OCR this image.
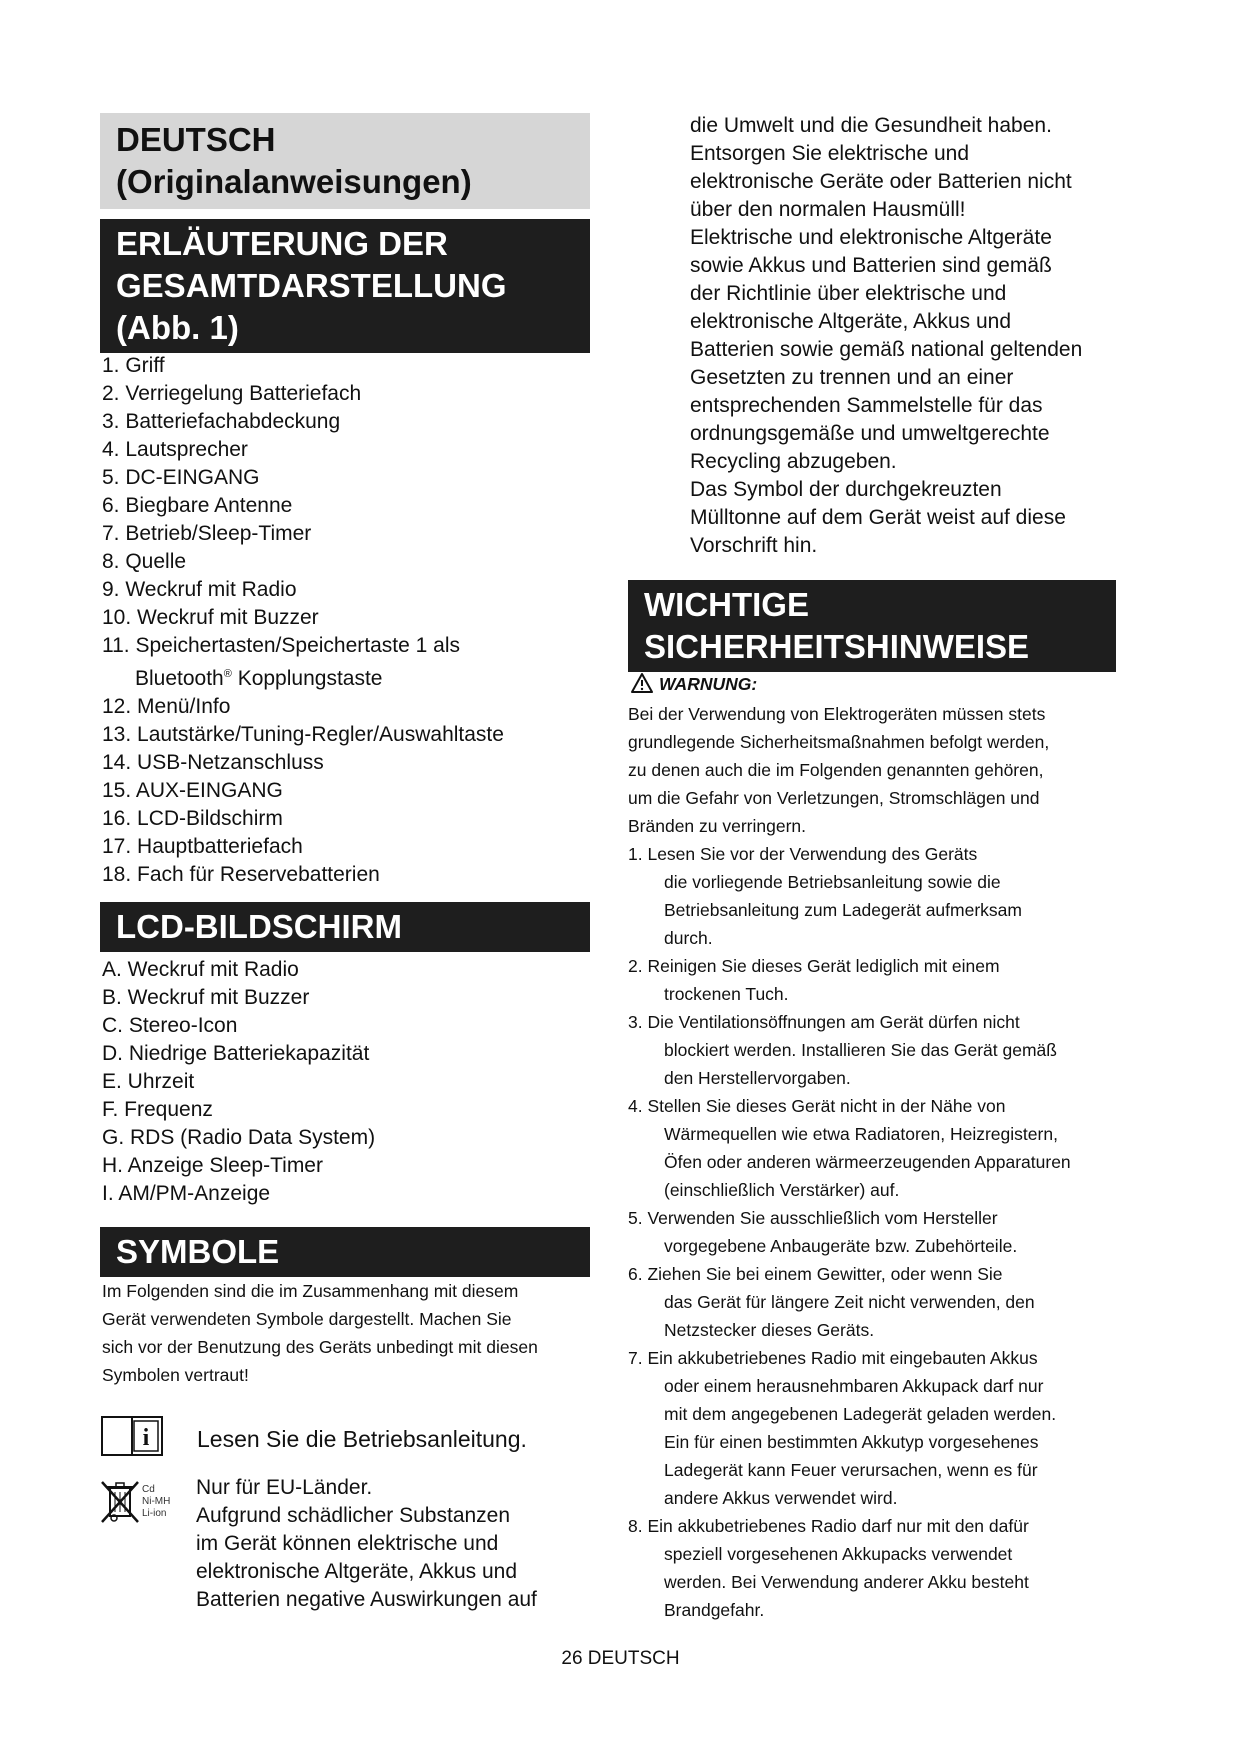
DEUTSCH
(Originalanweisungen)
ERLÄUTERUNG DER
GESAMTDARSTELLUNG
(Abb. 1)
1. Griff
2. Verriegelung Batteriefach
3. Batteriefachabdeckung
4. Lautsprecher
5. DC-EINGANG
6. Biegbare Antenne
7. Betrieb/Sleep-Timer
8. Quelle
9. Weckruf mit Radio
10. Weckruf mit Buzzer
11. Speichertasten/Speichertaste 1 als
Bluetooth® Kopplungstaste
12. Menü/Info
13. Lautstärke/Tuning-Regler/Auswahltaste
14. USB-Netzanschluss
15. AUX-EINGANG
16. LCD-Bildschirm
17. Hauptbatteriefach
18. Fach für Reservebatterien
LCD-BILDSCHIRM
A. Weckruf mit Radio
B. Weckruf mit Buzzer
C. Stereo-Icon
D. Niedrige Batteriekapazität
E. Uhrzeit
F. Frequenz
G. RDS (Radio Data System)
H. Anzeige Sleep-Timer
I. AM/PM-Anzeige
SYMBOLE
Im Folgenden sind die im Zusammenhang mit diesem
Gerät verwendeten Symbole dargestellt. Machen Sie
sich vor der Benutzung des Geräts unbedingt mit diesen
Symbolen vertraut!
i Lesen Sie die Betriebsanleitung.
Cd
Ni-MH
Li-ion
Nur für EU-Länder.
Aufgrund schädlicher Substanzen
im Gerät können elektrische und
elektronische Altgeräte, Akkus und
Batterien negative Auswirkungen auf
die Umwelt und die Gesundheit haben.
Entsorgen Sie elektrische und
elektronische Geräte oder Batterien nicht
über den normalen Hausmüll!
Elektrische und elektronische Altgeräte
sowie Akkus und Batterien sind gemäß
der Richtlinie über elektrische und
elektronische Altgeräte, Akkus und
Batterien sowie gemäß national geltenden
Gesetzten zu trennen und an einer
entsprechenden Sammelstelle für das
ordnungsgemäße und umweltgerechte
Recycling abzugeben.
Das Symbol der durchgekreuzten
Mülltonne auf dem Gerät weist auf diese
Vorschrift hin.
WICHTIGE
SICHERHEITSHINWEISE
WARNUNG:
Bei der Verwendung von Elektrogeräten müssen stets
grundlegende Sicherheitsmaßnahmen befolgt werden,
zu denen auch die im Folgenden genannten gehören,
um die Gefahr von Verletzungen, Stromschlägen und
Bränden zu verringern.
1. Lesen Sie vor der Verwendung des Geräts
die vorliegende Betriebsanleitung sowie die
Betriebsanleitung zum Ladegerät aufmerksam
durch.
2. Reinigen Sie dieses Gerät lediglich mit einem
trockenen Tuch.
3. Die Ventilationsöffnungen am Gerät dürfen nicht
blockiert werden. Installieren Sie das Gerät gemäß
den Herstellervorgaben.
4. Stellen Sie dieses Gerät nicht in der Nähe von
Wärmequellen wie etwa Radiatoren, Heizregistern,
Öfen oder anderen wärmeerzeugenden Apparaturen
(einschließlich Verstärker) auf.
5. Verwenden Sie ausschließlich vom Hersteller
vorgegebene Anbaugeräte bzw. Zubehörteile.
6. Ziehen Sie bei einem Gewitter, oder wenn Sie
das Gerät für längere Zeit nicht verwenden, den
Netzstecker dieses Geräts.
7. Ein akkubetriebenes Radio mit eingebauten Akkus
oder einem herausnehmbaren Akkupack darf nur
mit dem angegebenen Ladegerät geladen werden.
Ein für einen bestimmten Akkutyp vorgesehenes
Ladegerät kann Feuer verursachen, wenn es für
andere Akkus verwendet wird.
8. Ein akkubetriebenes Radio darf nur mit den dafür
speziell vorgesehenen Akkupacks verwendet
werden. Bei Verwendung anderer Akku besteht
Brandgefahr.
26 DEUTSCH
